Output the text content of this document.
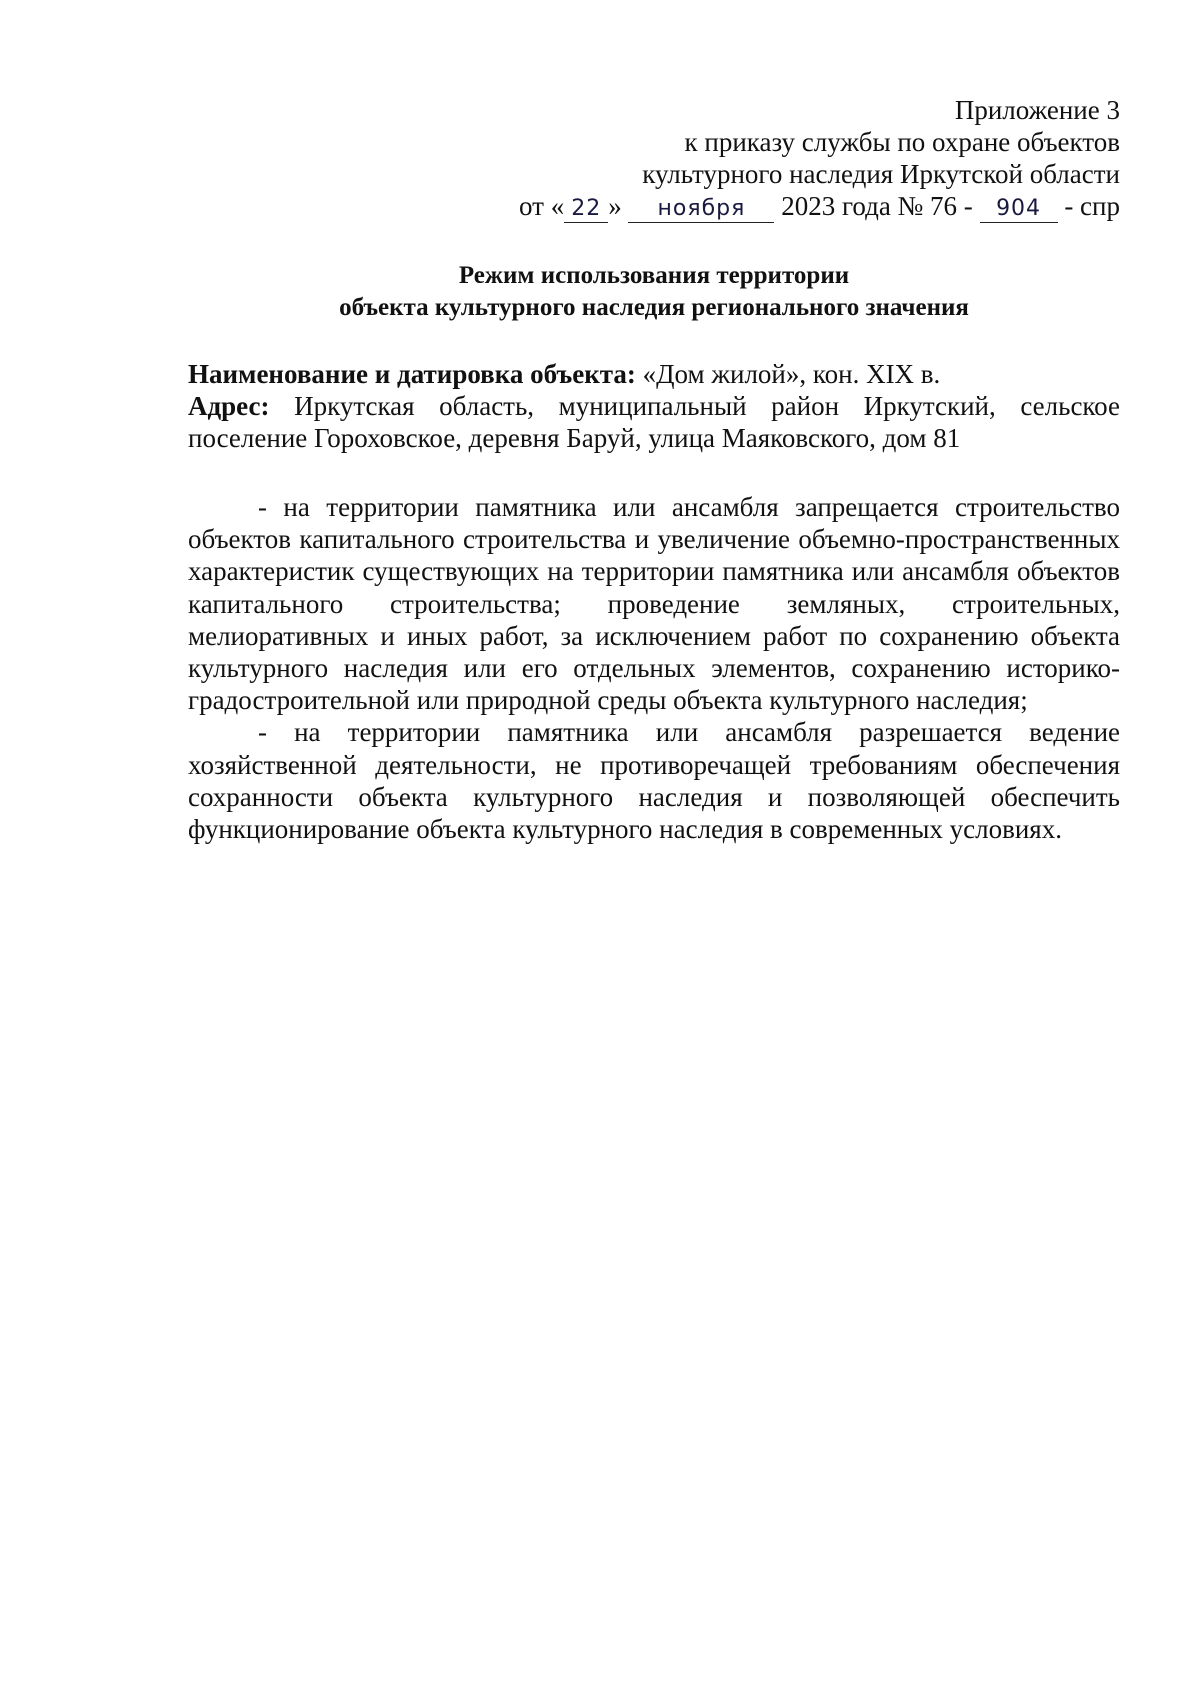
Приложение 3
к приказу службы по охране объектов
культурного наследия Иркутской области
от « 22 » ноября 2023 года № 76 - 904 - спр
Режим использования территории
объекта культурного наследия регионального значения

Наименование и датировка объекта: «Дом жилой», кон. XIX в.

Адрес: Иркутская область, муниципальный район Иркутский, сельское поселение Гороховское, деревня Баруй, улица Маяковского, дом 81

- на территории памятника или ансамбля запрещается строительство объектов капитального строительства и увеличение объемно-пространственных характеристик существующих на территории памятника или ансамбля объектов капитального строительства; проведение земляных, строительных, мелиоративных и иных работ, за исключением работ по сохранению объекта культурного наследия или его отдельных элементов, сохранению историко-градостроительной или природной среды объекта культурного наследия;

- на территории памятника или ансамбля разрешается ведение хозяйственной деятельности, не противоречащей требованиям обеспечения сохранности объекта культурного наследия и позволяющей обеспечить функционирование объекта культурного наследия в современных условиях.
